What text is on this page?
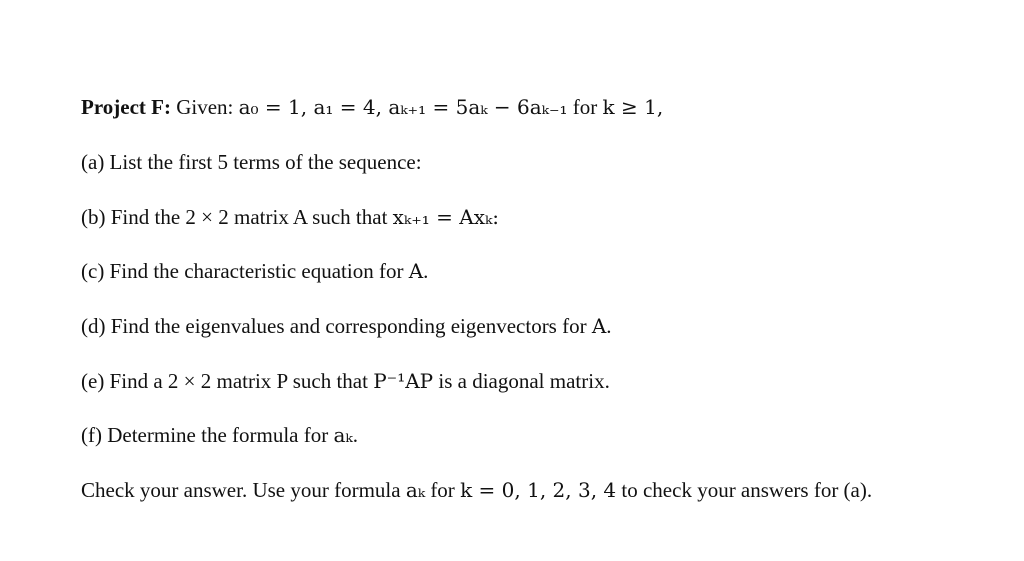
Project F: Given: a₀ = 1, a₁ = 4, aₖ₊₁ = 5aₖ − 6aₖ₋₁ for k ≥ 1,
(a) List the first 5 terms of the sequence:
(b) Find the 2 × 2 matrix A such that xₖ₊₁ = Axₖ:
(c) Find the characteristic equation for A.
(d) Find the eigenvalues and corresponding eigenvectors for A.
(e) Find a 2 × 2 matrix P such that P⁻¹AP is a diagonal matrix.
(f) Determine the formula for aₖ.
Check your answer. Use your formula aₖ for k = 0, 1, 2, 3, 4 to check your answers for (a).
